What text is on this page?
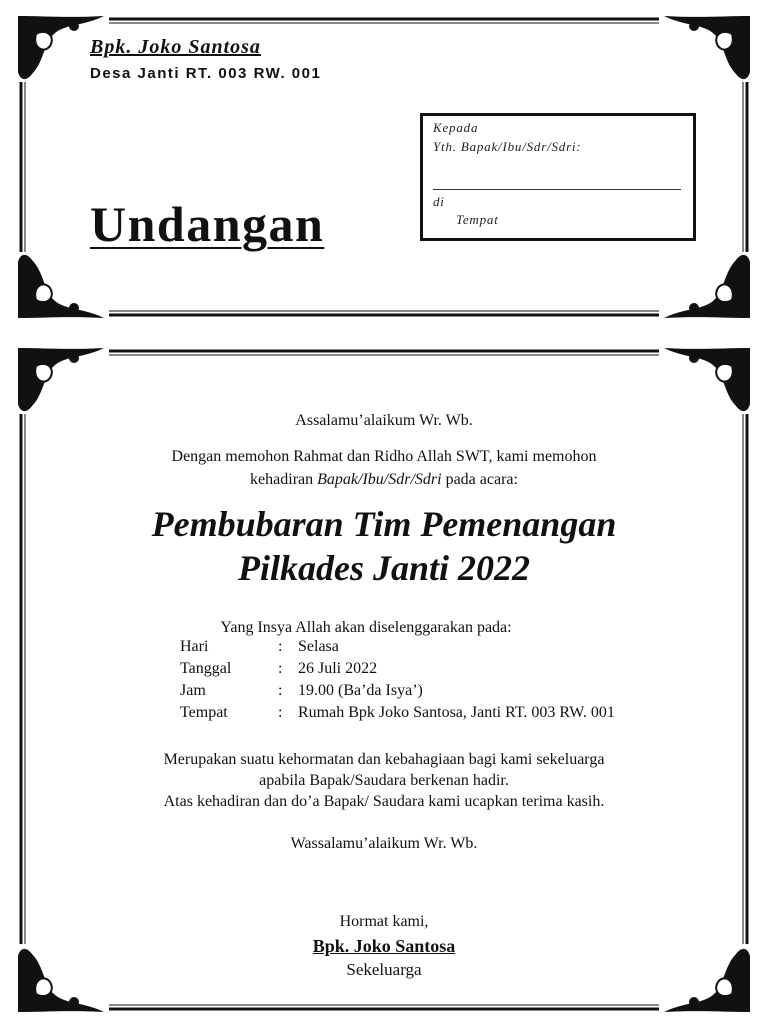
Bpk. Joko Santosa
Desa Janti RT. 003 RW. 001
Undangan
Kepada
Yth. Bapak/Ibu/Sdr/Sdri:
di
Tempat
Assalamu’alaikum Wr. Wb.
Dengan memohon Rahmat dan Ridho Allah SWT, kami memohon
kehadiran Bapak/Ibu/Sdr/Sdri pada acara:
Pembubaran Tim Pemenangan
Pilkades Janti 2022
Yang Insya Allah akan diselenggarakan pada:
Hari	: Selasa
Tanggal	: 26 Juli 2022
Jam	: 19.00 (Ba’da Isya’)
Tempat	: Rumah Bpk Joko Santosa, Janti RT. 003 RW. 001
Merupakan suatu kehormatan dan kebahagiaan bagi kami sekeluarga
apabila Bapak/Saudara berkenan hadir.
Atas kehadiran dan do’a Bapak/ Saudara kami ucapkan terima kasih.
Wassalamu’alaikum Wr. Wb.
Hormat kami,
Bpk. Joko Santosa
Sekeluarga
